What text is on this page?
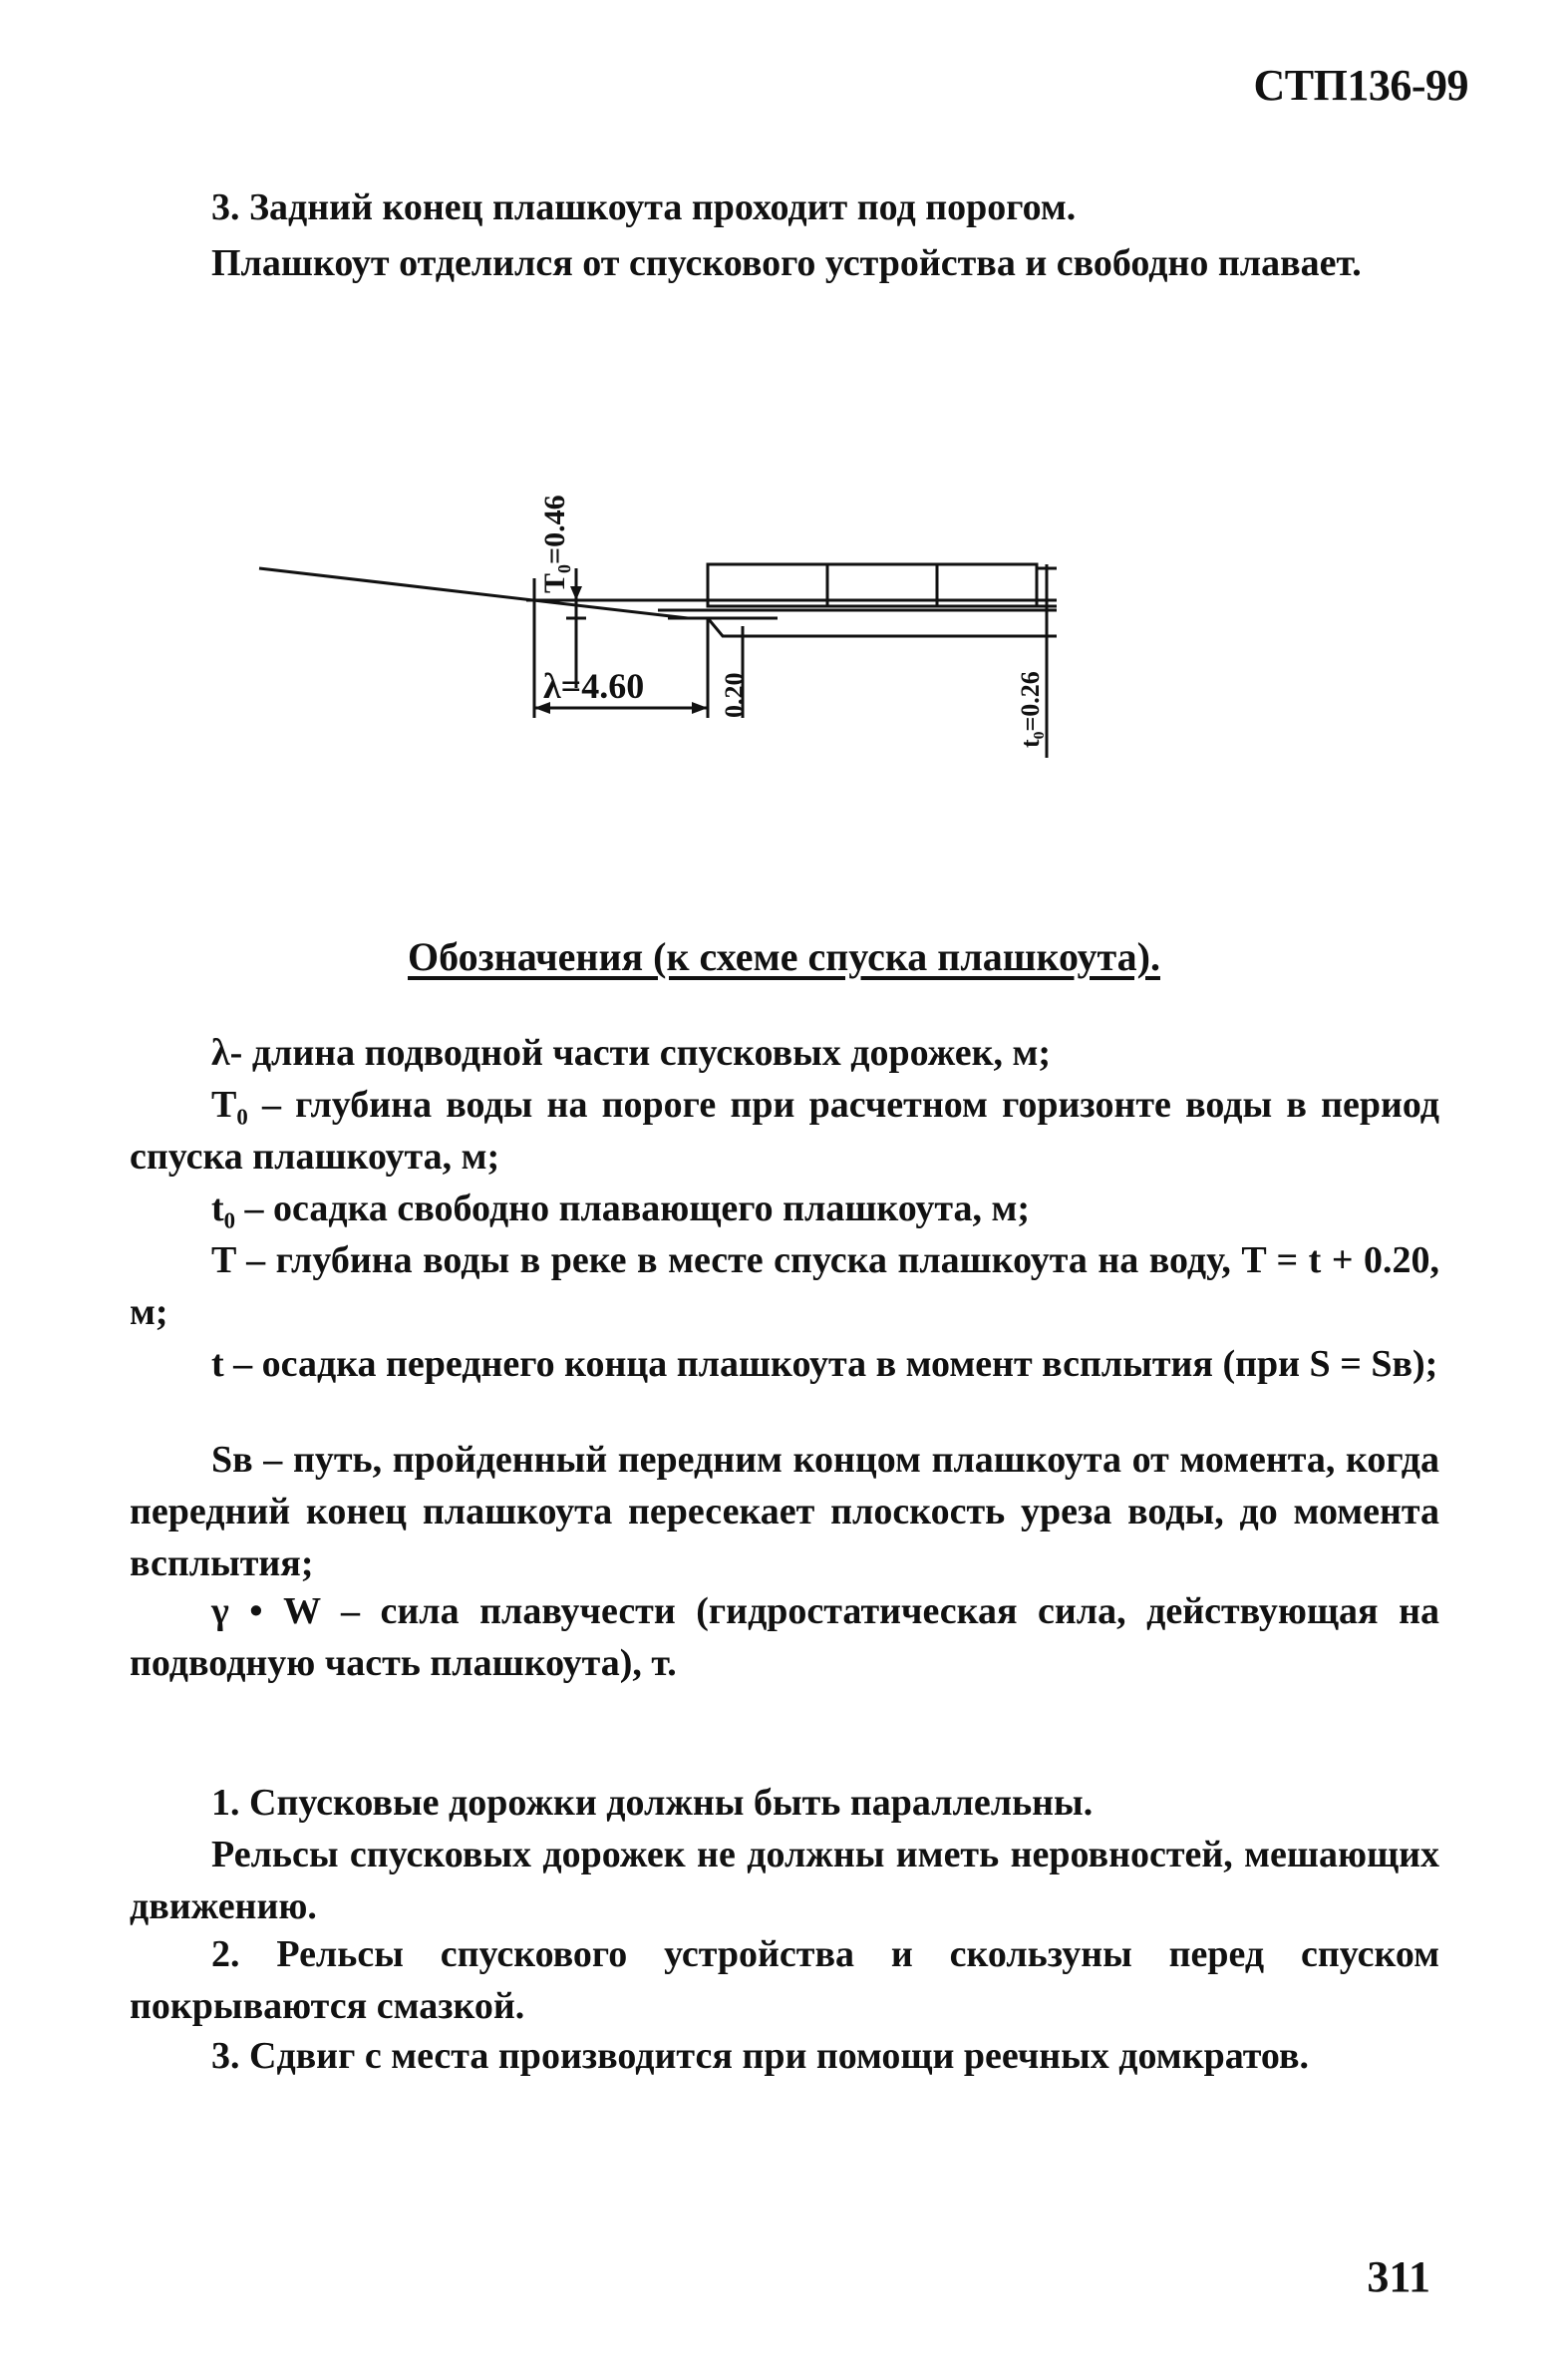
СТП136-99
3. Задний конец плашкоута проходит под порогом.
Плашкоут отделился от спускового устройства и свободно плавает.
T₀=0.46
λ=4.60	0.20	t₀=0.26
Обозначения (к схеме спуска плашкоута).
λ- длина подводной части спусковых дорожек, м;
T₀ – глубина воды на пороге при расчетном горизонте воды в период спуска плашкоута, м;
t₀ – осадка свободно плавающего плашкоута, м;
T – глубина воды в реке в месте спуска плашкоута на воду, T = t + 0.20, м;
t – осадка переднего конца плашкоута в момент всплытия (при S = Sв);
Sв – путь, пройденный передним концом плашкоута от момента, когда передний конец плашкоута пересекает плоскость уреза воды, до момента всплытия;
γ • W – сила плавучести (гидростатическая сила, действующая на подводную часть плашкоута), т.
1. Спусковые дорожки должны быть параллельны.
Рельсы спусковых дорожек не должны иметь неровностей, мешающих движению.
2. Рельсы спускового устройства и скользуны перед спуском покрываются смазкой.
3. Сдвиг с места производится при помощи реечных домкратов.
311
